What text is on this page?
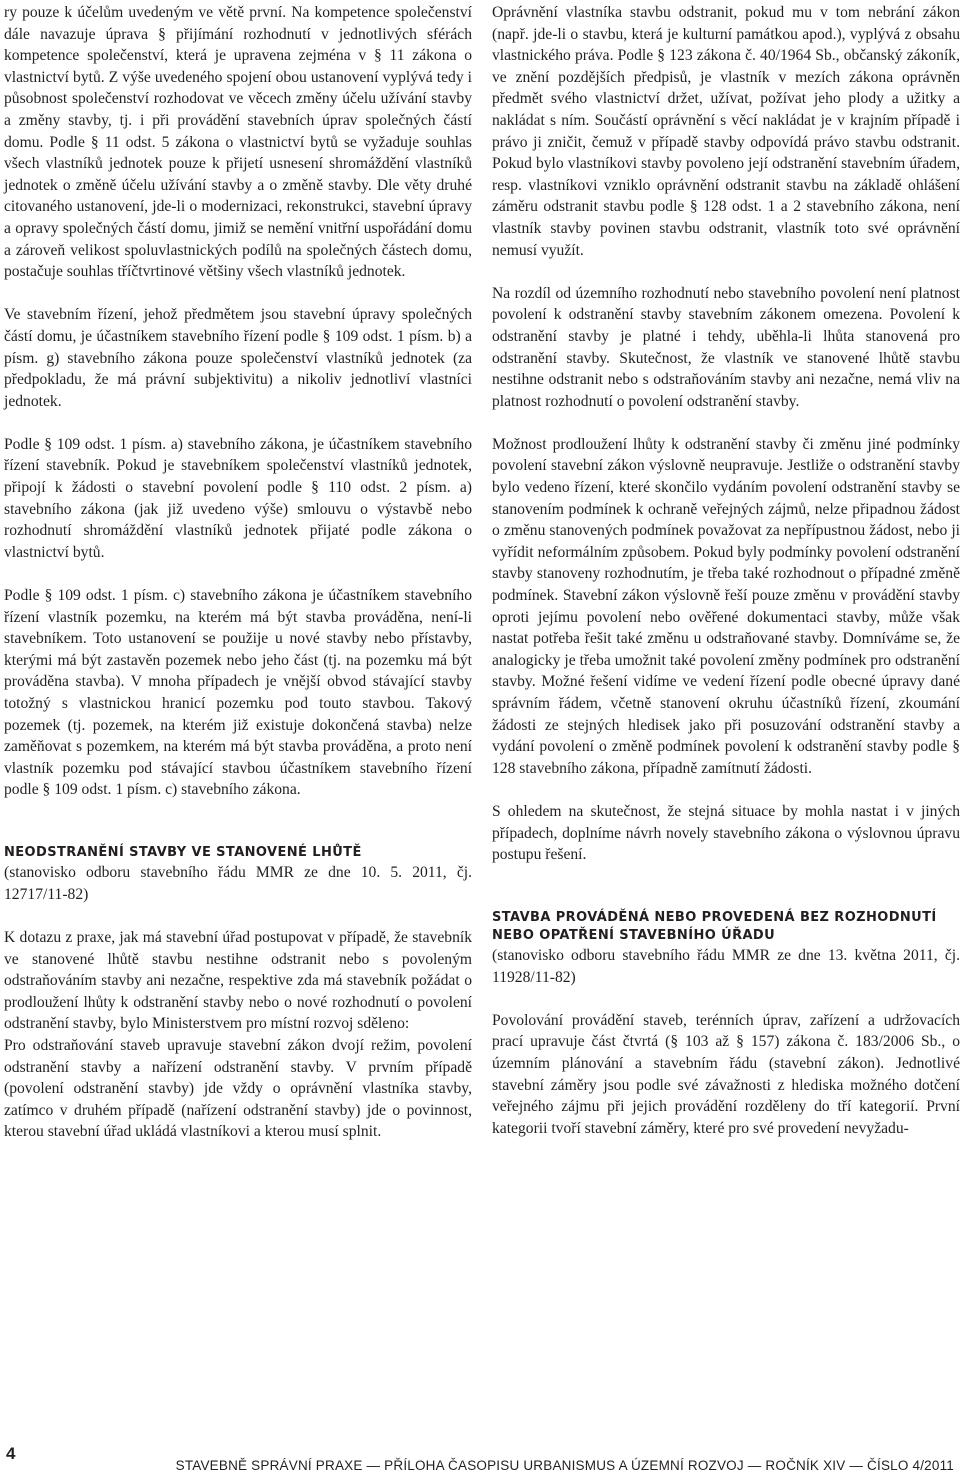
ry pouze k účelům uvedeným ve větě první. Na kompetence společenství dále navazuje úprava § přijímání rozhodnutí v jednotlivých sférách kompetence společenství, která je upravena zejména v § 11 zákona o vlastnictví bytů. Z výše uvedeného spojení obou ustanovení vyplývá tedy i působnost společenství rozhodovat ve věcech změny účelu užívání stavby a změny stavby, tj. i při provádění stavebních úprav společných částí domu. Podle § 11 odst. 5 zákona o vlastnictví bytů se vyžaduje souhlas všech vlastníků jednotek pouze k přijetí usnesení shromáždění vlastníků jednotek o změně účelu užívání stavby a o změně stavby. Dle věty druhé citovaného ustanovení, jde-li o modernizaci, rekonstrukci, stavební úpravy a opravy společných částí domu, jimiž se nemění vnitřní uspořádání domu a zároveň velikost spoluvlastnických podílů na společných částech domu, postačuje souhlas tříčtvrtinové většiny všech vlastníků jednotek.

Ve stavebním řízení, jehož předmětem jsou stavební úpravy společných částí domu, je účastníkem stavebního řízení podle § 109 odst. 1 písm. b) a písm. g) stavebního zákona pouze společenství vlastníků jednotek (za předpokladu, že má právní subjektivitu) a nikoliv jednotliví vlastníci jednotek.

Podle § 109 odst. 1 písm. a) stavebního zákona, je účastníkem stavebního řízení stavebník. Pokud je stavebníkem společenství vlastníků jednotek, připojí k žádosti o stavební povolení podle § 110 odst. 2 písm. a) stavebního zákona (jak již uvedeno výše) smlouvu o výstavbě nebo rozhodnutí shromáždění vlastníků jednotek přijaté podle zákona o vlastnictví bytů.

Podle § 109 odst. 1 písm. c) stavebního zákona je účastníkem stavebního řízení vlastník pozemku, na kterém má být stavba prováděna, není-li stavebníkem. Toto ustanovení se použije u nové stavby nebo přístavby, kterými má být zastavěn pozemek nebo jeho část (tj. na pozemku má být prováděna stavba). V mnoha případech je vnější obvod stávající stavby totožný s vlastnickou hranicí pozemku pod touto stavbou. Takový pozemek (tj. pozemek, na kterém již existuje dokončená stavba) nelze zaměňovat s pozemkem, na kterém má být stavba prováděna, a proto není vlastník pozemku pod stávající stavbou účastníkem stavebního řízení podle § 109 odst. 1 písm. c) stavebního zákona.

NEODSTRANĚNÍ STAVBY VE STANOVENÉ LHŮTĚ

(stanovisko odboru stavebního řádu MMR ze dne 10. 5. 2011, čj. 12717/11-82)

K dotazu z praxe, jak má stavební úřad postupovat v případě, že stavebník ve stanovené lhůtě stavbu nestihne odstranit nebo s povoleným odstraňováním stavby ani nezačne, respektive zda má stavebník požádat o prodloužení lhůty k odstranění stavby nebo o nové rozhodnutí o povolení odstranění stavby, bylo Ministerstvem pro místní rozvoj sděleno:

Pro odstraňování staveb upravuje stavební zákon dvojí režim, povolení odstranění stavby a nařízení odstranění stavby. V prvním případě (povolení odstranění stavby) jde vždy o oprávnění vlastníka stavby, zatímco v druhém případě (nařízení odstranění stavby) jde o povinnost, kterou stavební úřad ukládá vlastníkovi a kterou musí splnit.

Oprávnění vlastníka stavbu odstranit, pokud mu v tom nebrání zákon (např. jde-li o stavbu, která je kulturní památkou apod.), vyplývá z obsahu vlastnického práva. Podle § 123 zákona č. 40/1964 Sb., občanský zákoník, ve znění pozdějších předpisů, je vlastník v mezích zákona oprávněn předmět svého vlastnictví držet, užívat, požívat jeho plody a užitky a nakládat s ním. Součástí oprávnění s věcí nakládat je v krajním případě i právo ji zničit, čemuž v případě stavby odpovídá právo stavbu odstranit. Pokud bylo vlastníkovi stavby povoleno její odstranění stavebním úřadem, resp. vlastníkovi vzniklo oprávnění odstranit stavbu na základě ohlášení záměru odstranit stavbu podle § 128 odst. 1 a 2 stavebního zákona, není vlastník stavby povinen stavbu odstranit, vlastník toto své oprávnění nemusí využít.

Na rozdíl od územního rozhodnutí nebo stavebního povolení není platnost povolení k odstranění stavby stavebním zákonem omezena. Povolení k odstranění stavby je platné i tehdy, uběhla-li lhůta stanovená pro odstranění stavby. Skutečnost, že vlastník ve stanovené lhůtě stavbu nestihne odstranit nebo s odstraňováním stavby ani nezačne, nemá vliv na platnost rozhodnutí o povolení odstranění stavby.

Možnost prodloužení lhůty k odstranění stavby či změnu jiné podmínky povolení stavební zákon výslovně neupravuje. Jestliže o odstranění stavby bylo vedeno řízení, které skončilo vydáním povolení odstranění stavby se stanovením podmínek k ochraně veřejných zájmů, nelze připadnou žádost o změnu stanovených podmínek považovat za nepřípustnou žádost, nebo ji vyřídit neformálním způsobem. Pokud byly podmínky povolení odstranění stavby stanoveny rozhodnutím, je třeba také rozhodnout o případné změně podmínek. Stavební zákon výslovně řeší pouze změnu v provádění stavby oproti jejímu povolení nebo ověřené dokumentaci stavby, může však nastat potřeba řešit také změnu u odstraňované stavby. Domníváme se, že analogicky je třeba umožnit také povolení změny podmínek pro odstranění stavby. Možné řešení vidíme ve vedení řízení podle obecné úpravy dané správním řádem, včetně stanovení okruhu účastníků řízení, zkoumání žádosti ze stejných hledisek jako při posuzování odstranění stavby a vydání povolení o změně podmínek povolení k odstranění stavby podle § 128 stavebního zákona, případně zamítnutí žádosti.

S ohledem na skutečnost, že stejná situace by mohla nastat i v jiných případech, doplníme návrh novely stavebního zákona o výslovnou úpravu postupu řešení.

STAVBA PROVÁDĚNÁ NEBO PROVEDENÁ BEZ ROZHODNUTÍ NEBO OPATŘENÍ STAVEBNÍHO ÚŘADU

(stanovisko odboru stavebního řádu MMR ze dne 13. května 2011, čj. 11928/11-82)

Povolování provádění staveb, terénních úprav, zařízení a udržovacích prací upravuje část čtvrtá (§ 103 až § 157) zákona č. 183/2006 Sb., o územním plánování a stavebním řádu (stavební zákon). Jednotlivé stavební záměry jsou podle své závažnosti z hlediska možného dotčení veřejného zájmu při jejich provádění rozděleny do tří kategorií. První kategorii tvoří stavební záměry, které pro své provedení nevyžadu-

4
STAVEBNĚ SPRÁVNÍ PRAXE — PŘÍLOHA ČASOPISU URBANISMUS A ÚZEMNÍ ROZVOJ — ROČNÍK XIV — ČÍSLO 4/2011
